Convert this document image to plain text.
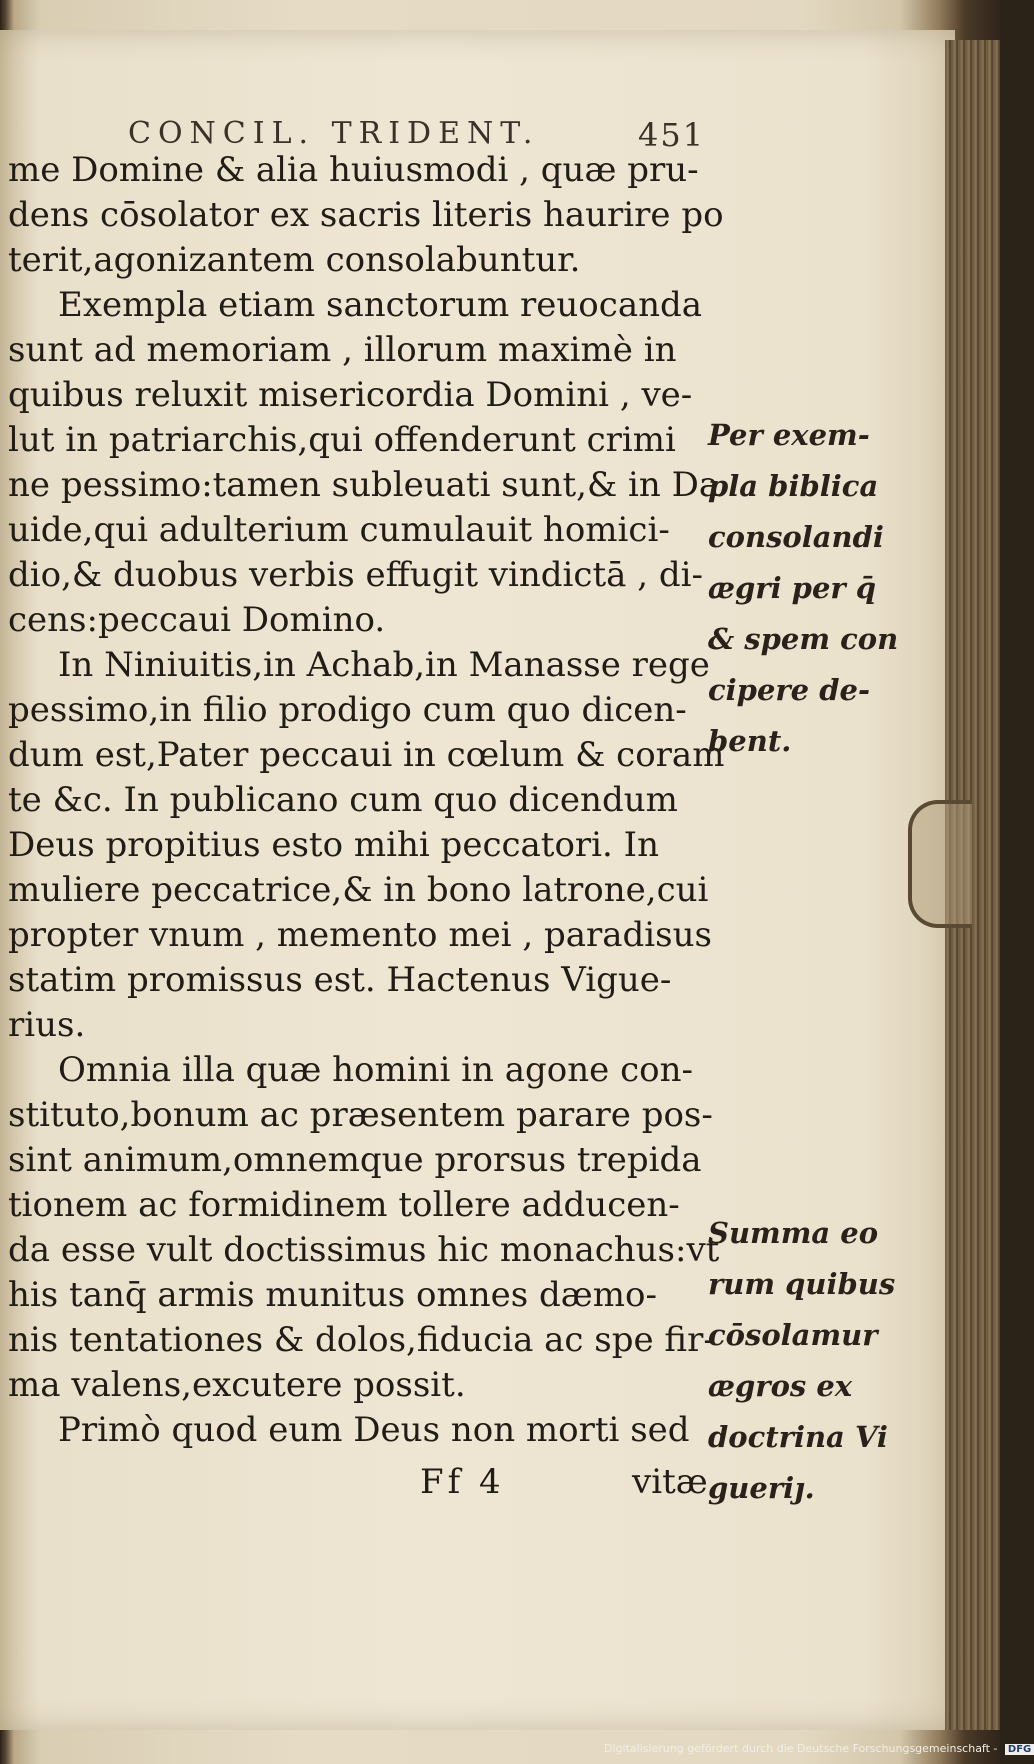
CONCIL. TRIDENT.	451
me Domine & alia huiusmodi , quæ pru-
dens cōsolator ex sacris literis haurire po
terit,agonizantem consolabuntur.
Exempla etiam sanctorum reuocanda
sunt ad memoriam , illorum maximè in
quibus reluxit misericordia Domini , ve-
lut in patriarchis,qui offenderunt crimi
ne pessimo:tamen subleuati sunt,& in Da
uide,qui adulterium cumulauit homici-
dio,& duobus verbis effugit vindictā , di-
cens:peccaui Domino.
In Niniuitis,in Achab,in Manasse rege
pessimo,in filio prodigo cum quo dicen-
dum est,Pater peccaui in cœlum & coram
te &c. In publicano cum quo dicendum
Deus propitius esto mihi peccatori. In
muliere peccatrice,& in bono latrone,cui
propter vnum , memento mei , paradisus
statim promissus est. Hactenus Vigue-
rius.
Omnia illa quæ homini in agone con-
stituto,bonum ac præsentem parare pos-
sint animum,omnemque prorsus trepida
tionem ac formidinem tollere adducen-
da esse vult doctissimus hic monachus:vt
his tanq̄ armis munitus omnes dæmo-
nis tentationes & dolos,fiducia ac spe fir-
ma valens,excutere possit.
Primò quod eum Deus non morti sed
Per exem-
pla biblica
consolandi
ægri per q̄
& spem con
cipere de-
bent.
Summa eo
rum quibus
cōsolamur
ægros ex
doctrina Vi
gueriȷ.
Ff 4	vitæ
Digitalisierung gefördert durch die Deutsche Forschungsgemeinschaft - DFG
